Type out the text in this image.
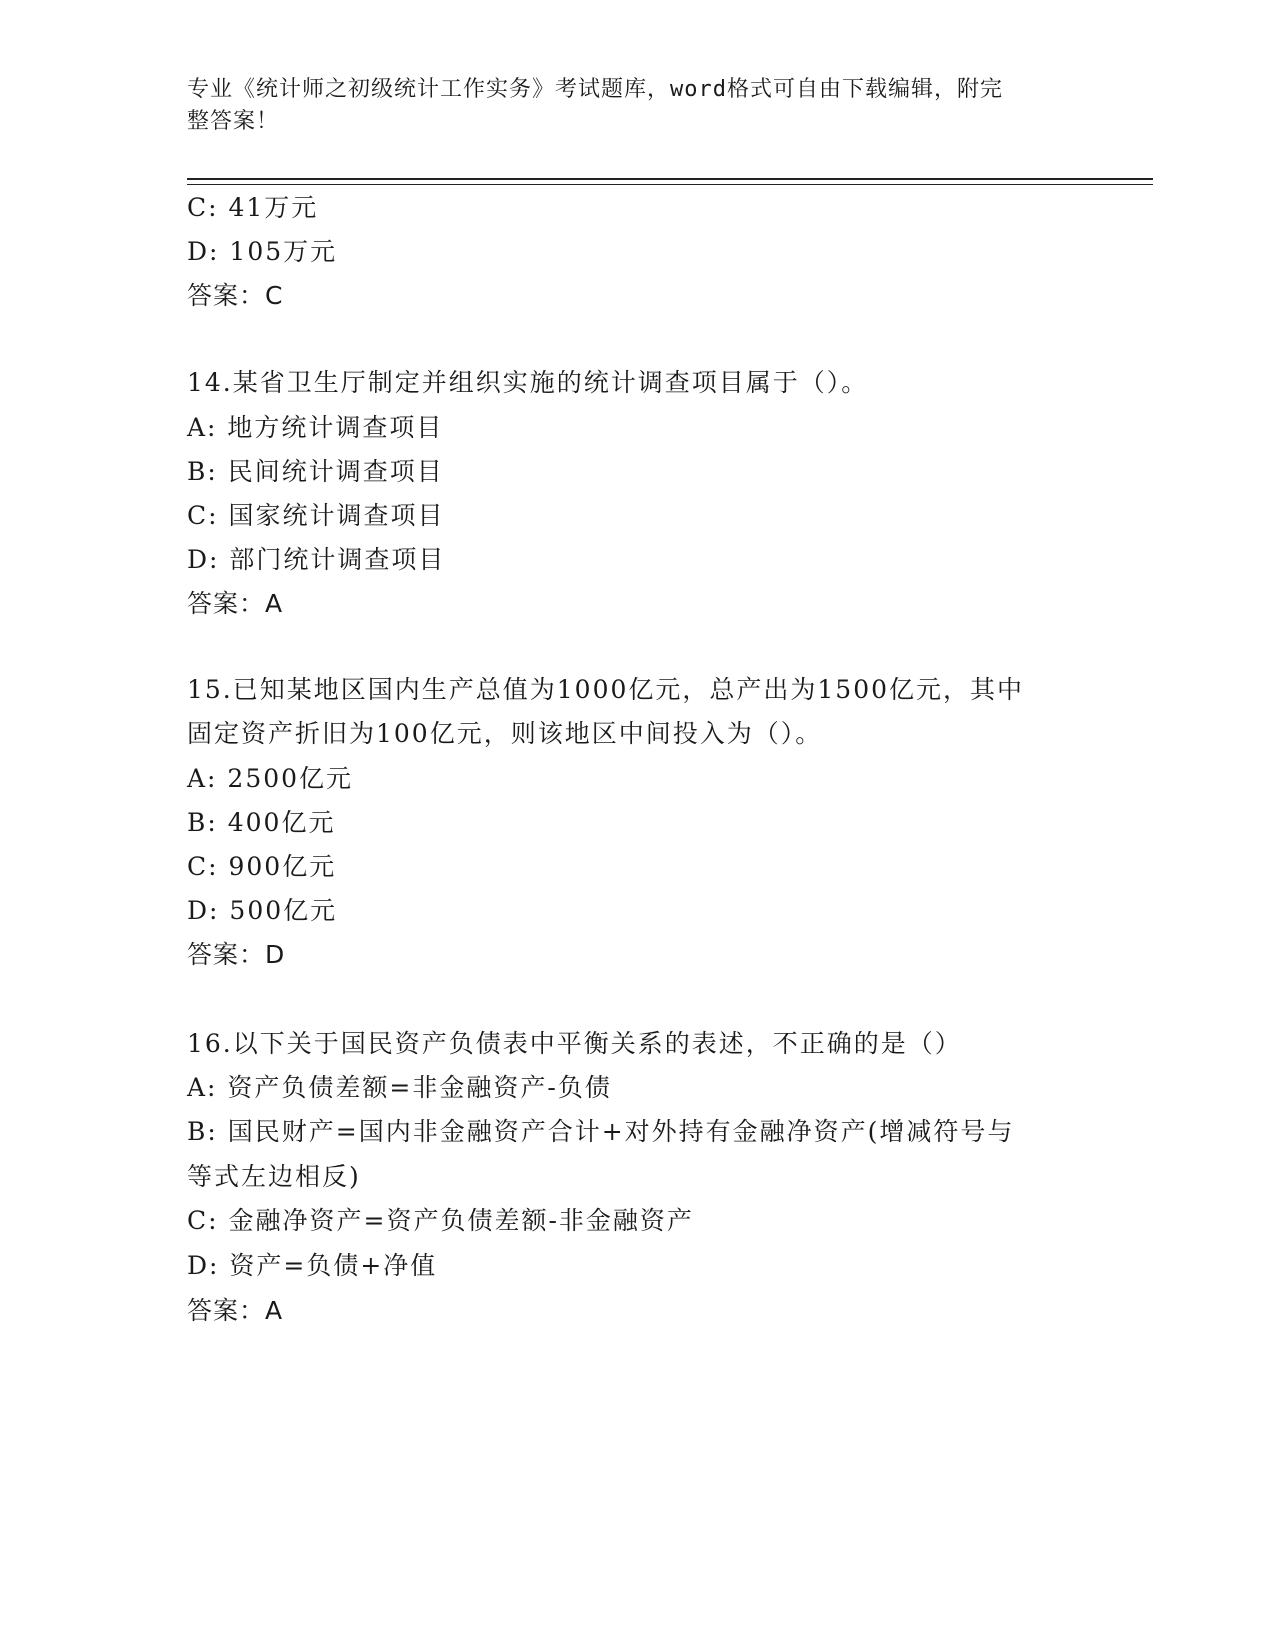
专业《统计师之初级统计工作实务》考试题库，word格式可自由下载编辑，附完
整答案！
C: 41万元
D: 105万元
答案：C
14.某省卫生厅制定并组织实施的统计调查项目属于（）。
A: 地方统计调查项目
B: 民间统计调查项目
C: 国家统计调查项目
D: 部门统计调查项目
答案：A
15.已知某地区国内生产总值为1000亿元，总产出为1500亿元，其中
固定资产折旧为100亿元，则该地区中间投入为（）。
A: 2500亿元
B: 400亿元
C: 900亿元
D: 500亿元
答案：D
16.以下关于国民资产负债表中平衡关系的表述，不正确的是（）
A: 资产负债差额=非金融资产-负债
B: 国民财产=国内非金融资产合计+对外持有金融净资产(增减符号与
等式左边相反)
C: 金融净资产=资产负债差额-非金融资产
D: 资产=负债+净值
答案：A
